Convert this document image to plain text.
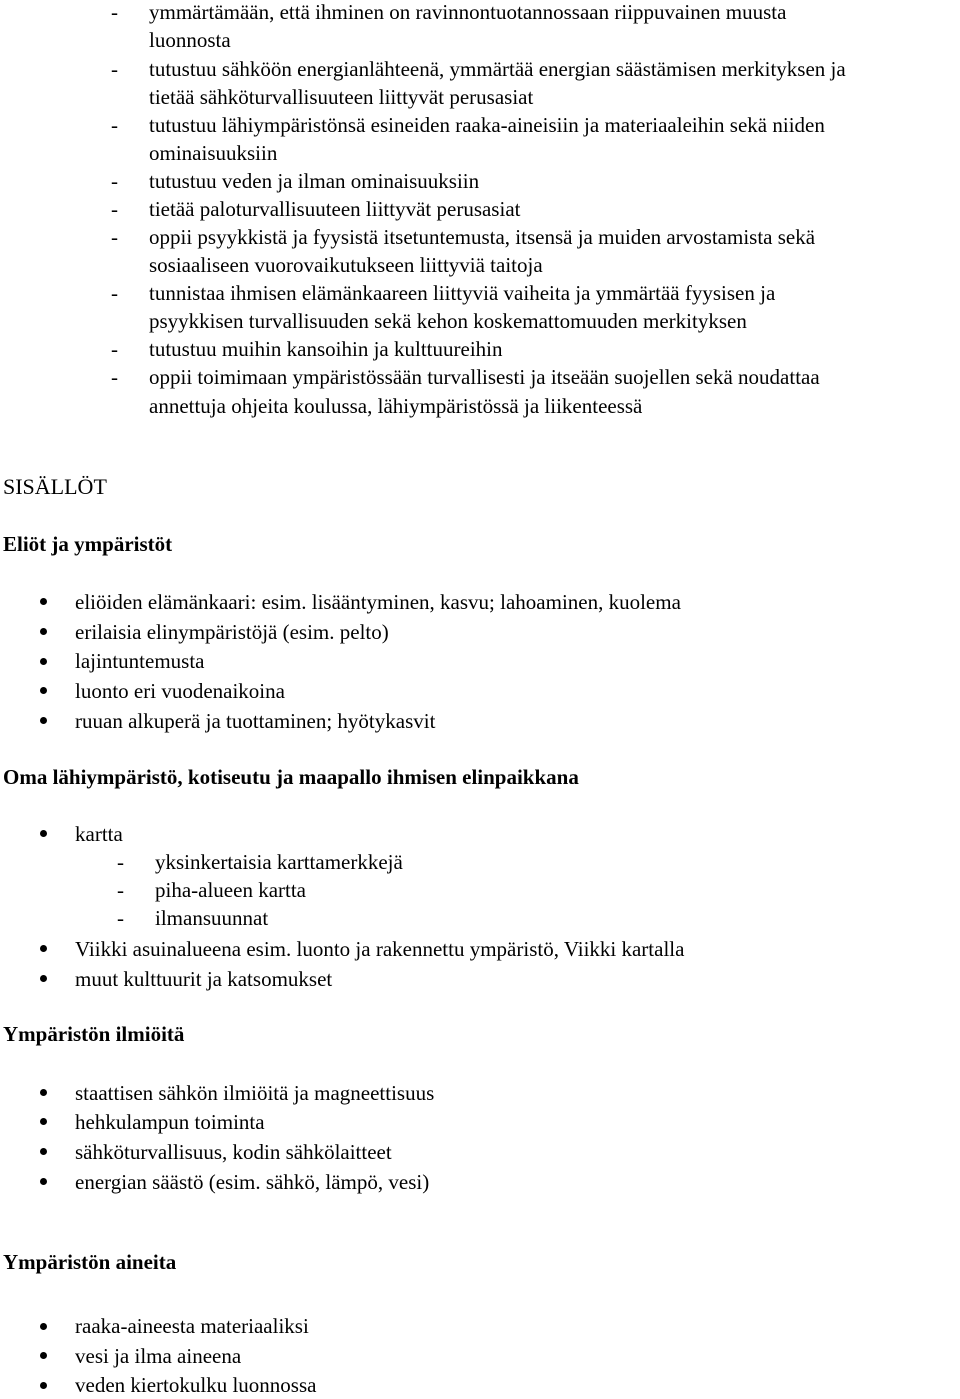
-	ymmärtämään, että ihminen on ravinnontuotannossaan riippuvainen muusta
luonnosta
-	tutustuu sähköön energianlähteenä, ymmärtää energian säästämisen merkityksen ja
tietää sähköturvallisuuteen liittyvät perusasiat
-	tutustuu lähiympäristönsä esineiden raaka-aineisiin ja materiaaleihin sekä niiden
ominaisuuksiin
-	tutustuu veden ja ilman ominaisuuksiin
-	tietää paloturvallisuuteen liittyvät perusasiat
-	oppii psyykkistä ja fyysistä itsetuntemusta, itsensä ja muiden arvostamista sekä
sosiaaliseen vuorovaikutukseen liittyviä taitoja
-	tunnistaa ihmisen elämänkaareen liittyviä vaiheita ja ymmärtää fyysisen ja
psyykkisen turvallisuuden sekä kehon koskemattomuuden merkityksen
-	tutustuu muihin kansoihin ja kulttuureihin
-	oppii toimimaan ympäristössään turvallisesti ja itseään suojellen sekä noudattaa
annettuja ohjeita koulussa, lähiympäristössä ja liikenteessä
SISÄLLÖT
Eliöt ja ympäristöt
eliöiden elämänkaari: esim. lisääntyminen, kasvu; lahoaminen, kuolema
erilaisia elinympäristöjä (esim. pelto)
lajintuntemusta
luonto eri vuodenaikoina
ruuan alkuperä ja tuottaminen; hyötykasvit
Oma lähiympäristö, kotiseutu ja maapallo ihmisen elinpaikkana
kartta
- yksinkertaisia karttamerkkejä
- piha-alueen kartta
- ilmansuunnat
Viikki asuinalueena esim. luonto ja rakennettu ympäristö, Viikki kartalla
muut kulttuurit ja katsomukset
Ympäristön ilmiöitä
staattisen sähkön ilmiöitä ja magneettisuus
hehkulampun toiminta
sähköturvallisuus, kodin sähkölaitteet
energian säästö (esim. sähkö, lämpö, vesi)
Ympäristön aineita
raaka-aineesta materiaaliksi
vesi ja ilma aineena
veden kiertokulku luonnossa
